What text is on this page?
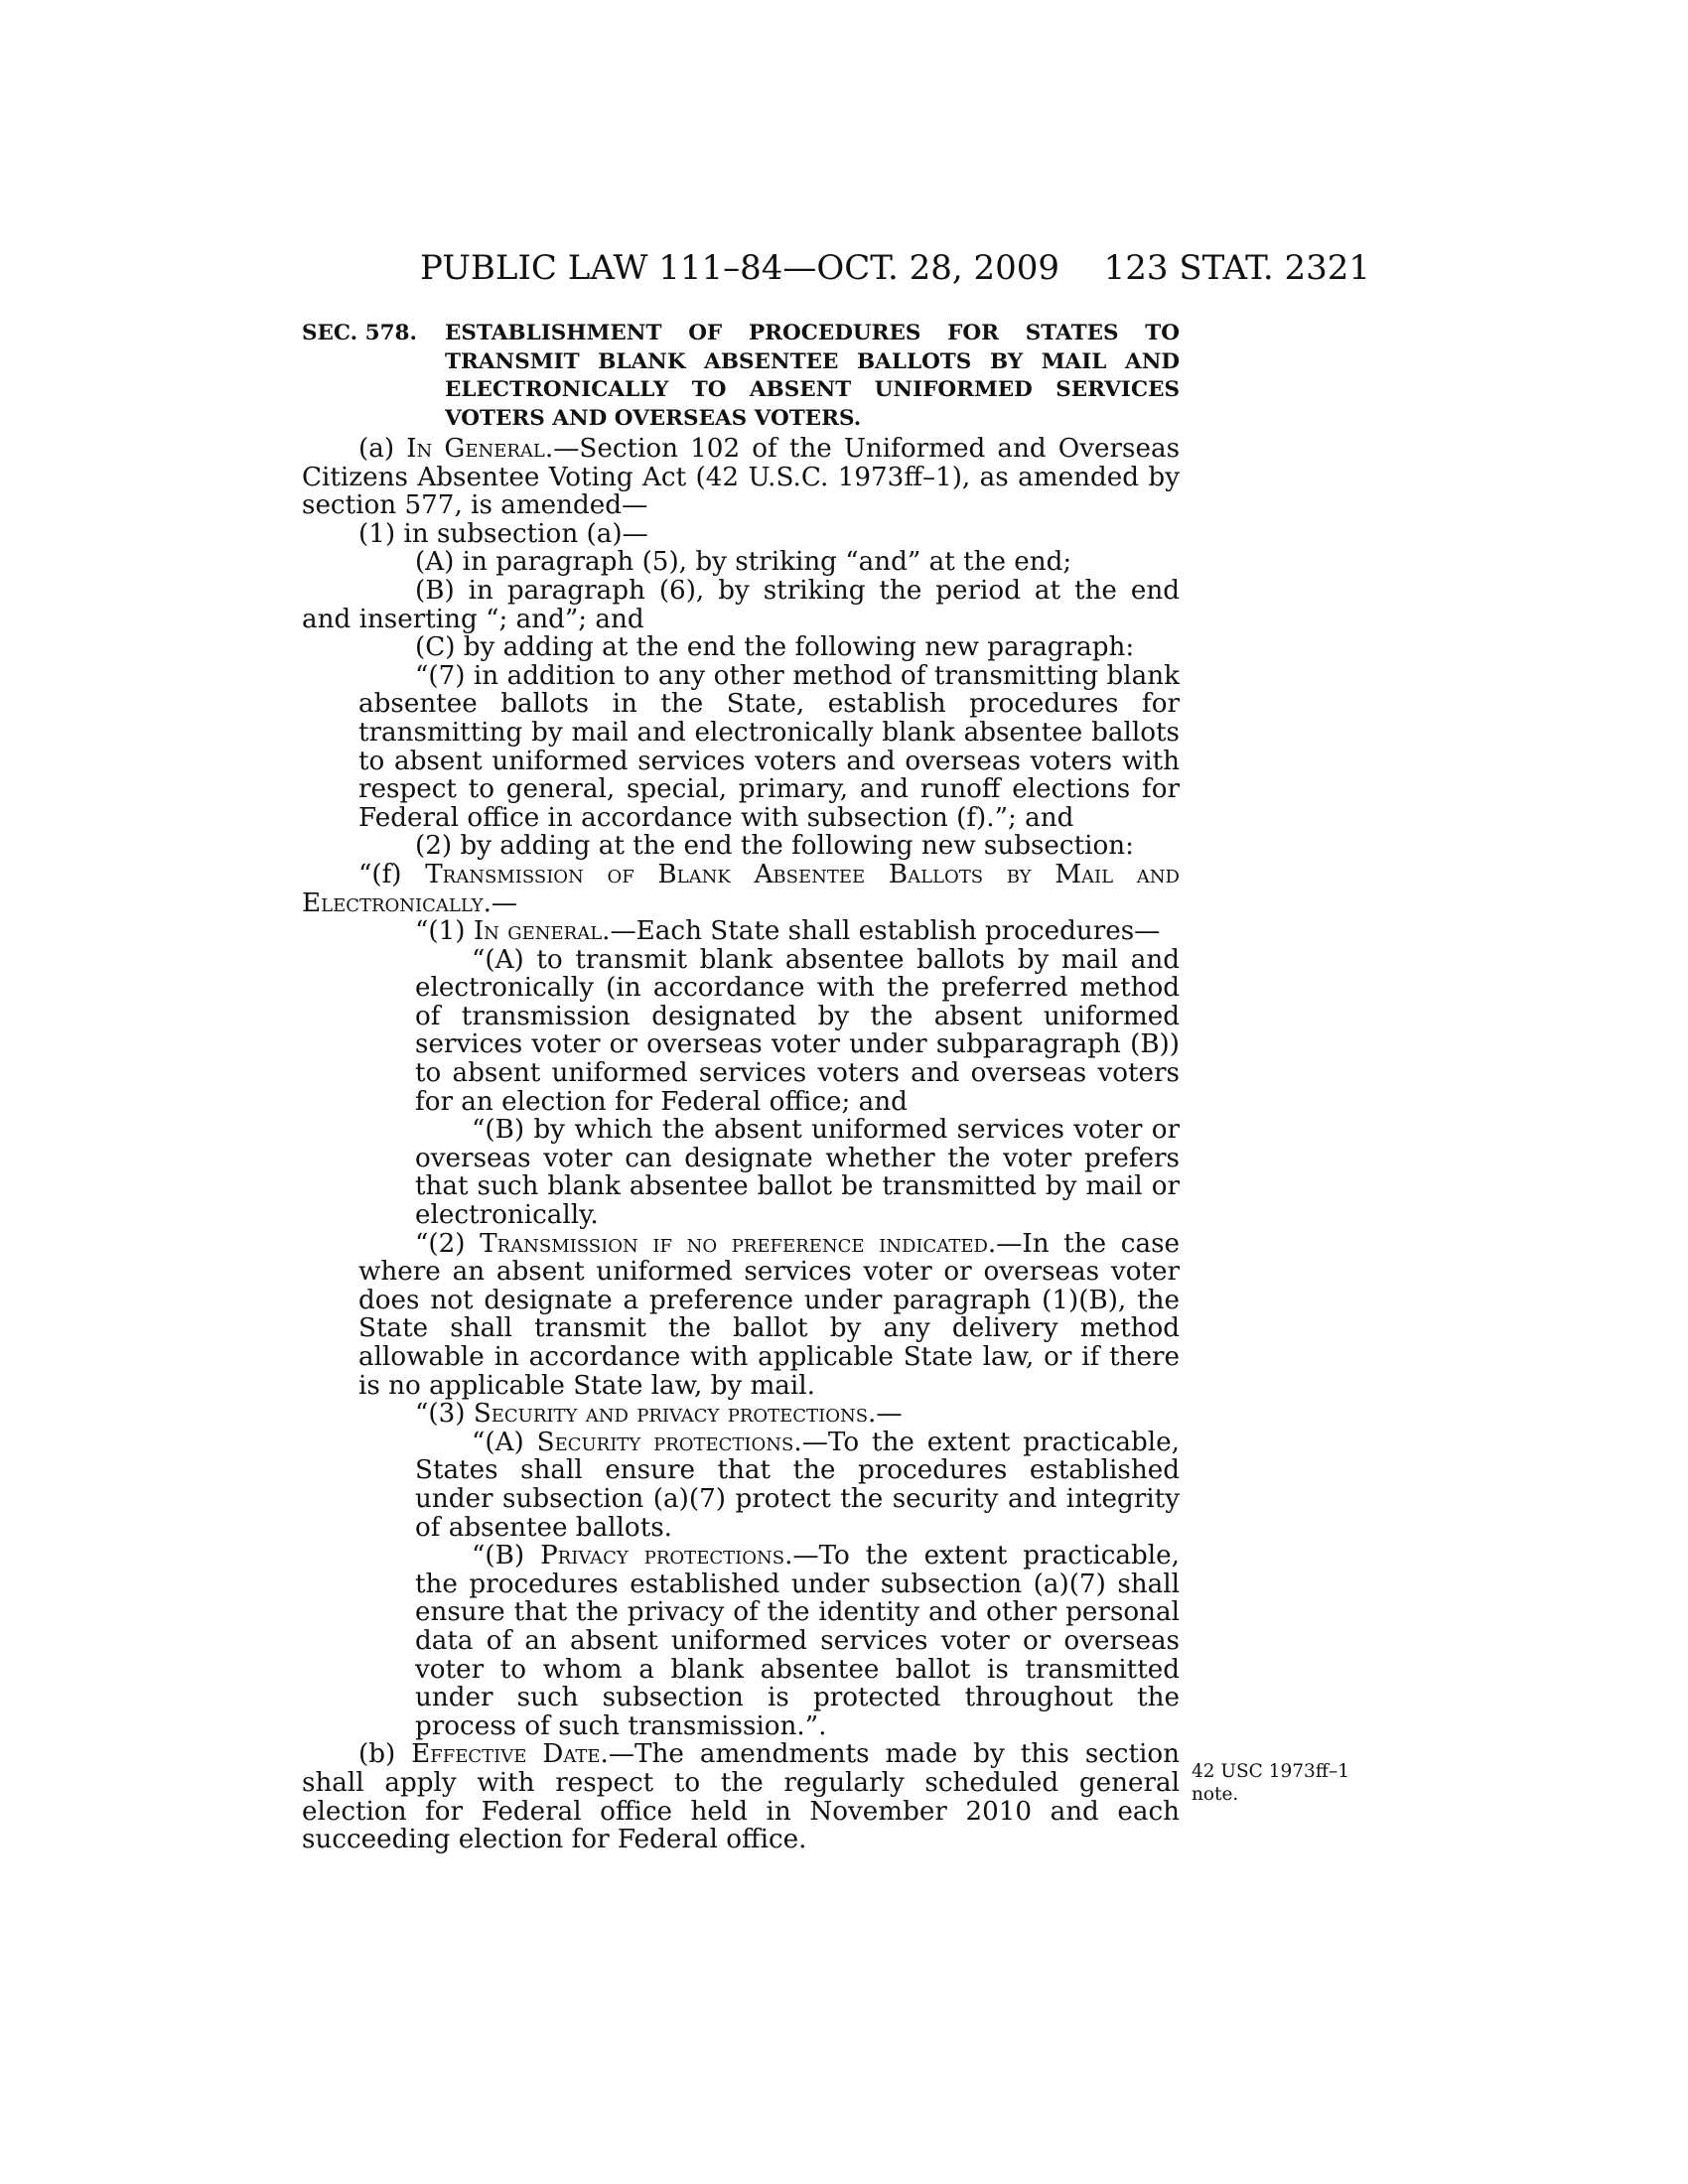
PUBLIC LAW 111–84—OCT. 28, 2009 123 STAT. 2321
SEC. 578. ESTABLISHMENT OF PROCEDURES FOR STATES TO TRANSMIT BLANK ABSENTEE BALLOTS BY MAIL AND ELECTRONICALLY TO ABSENT UNIFORMED SERVICES VOTERS AND OVERSEAS VOTERS.

(a) In General.—Section 102 of the Uniformed and Overseas Citizens Absentee Voting Act (42 U.S.C. 1973ff–1), as amended by section 577, is amended—

(1) in subsection (a)—

(A) in paragraph (5), by striking “and” at the end;

(B) in paragraph (6), by striking the period at the end and inserting “; and”; and

(C) by adding at the end the following new paragraph:

“(7) in addition to any other method of transmitting blank absentee ballots in the State, establish procedures for transmitting by mail and electronically blank absentee ballots to absent uniformed services voters and overseas voters with respect to general, special, primary, and runoff elections for Federal office in accordance with subsection (f).”; and

(2) by adding at the end the following new subsection:

“(f) Transmission of Blank Absentee Ballots by Mail and Electronically.—

“(1) In general.—Each State shall establish procedures—

“(A) to transmit blank absentee ballots by mail and electronically (in accordance with the preferred method of transmission designated by the absent uniformed services voter or overseas voter under subparagraph (B)) to absent uniformed services voters and overseas voters for an election for Federal office; and

“(B) by which the absent uniformed services voter or overseas voter can designate whether the voter prefers that such blank absentee ballot be transmitted by mail or electronically.

“(2) Transmission if no preference indicated.—In the case where an absent uniformed services voter or overseas voter does not designate a preference under paragraph (1)(B), the State shall transmit the ballot by any delivery method allowable in accordance with applicable State law, or if there is no applicable State law, by mail.

“(3) Security and privacy protections.—

“(A) Security protections.—To the extent practicable, States shall ensure that the procedures established under subsection (a)(7) protect the security and integrity of absentee ballots.

“(B) Privacy protections.—To the extent practicable, the procedures established under subsection (a)(7) shall ensure that the privacy of the identity and other personal data of an absent uniformed services voter or overseas voter to whom a blank absentee ballot is transmitted under such subsection is protected throughout the process of such transmission.”.

(b) Effective Date.—The amendments made by this section shall apply with respect to the regularly scheduled general election for Federal office held in November 2010 and each succeeding election for Federal office.

42 USC 1973ff–1
note.
